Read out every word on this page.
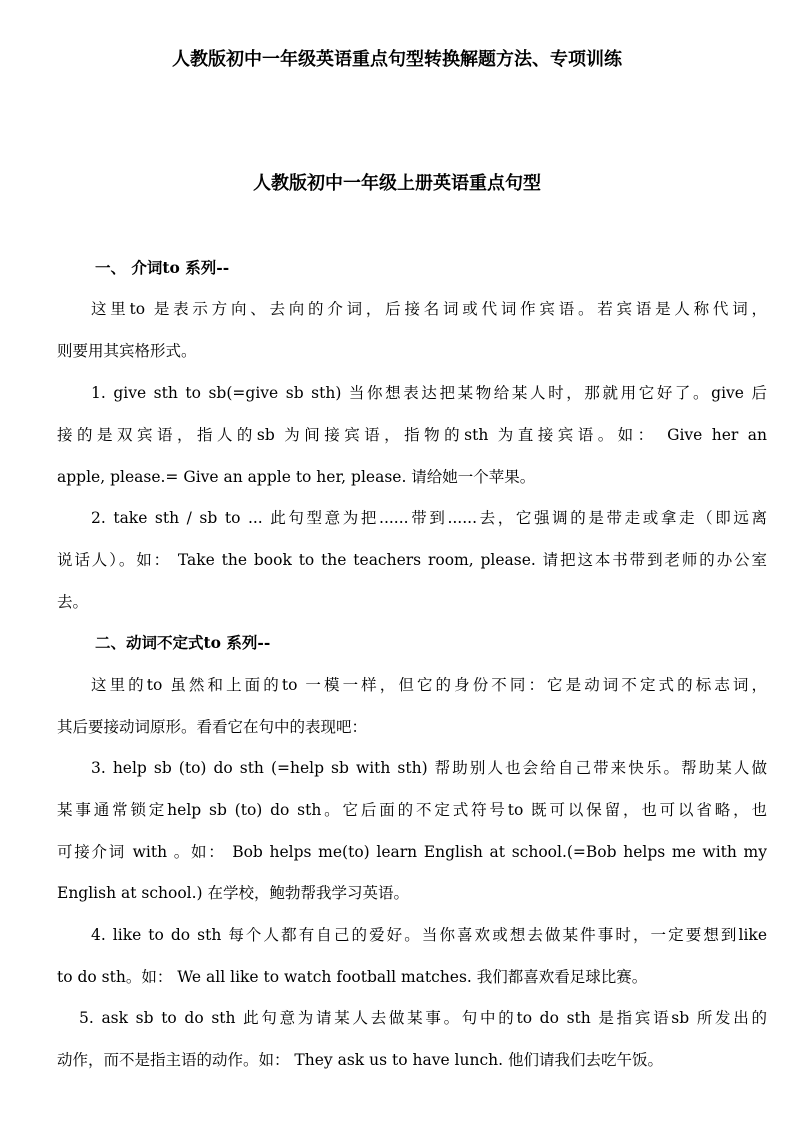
人教版初中一年级英语重点句型转换解题方法、专项训练
人教版初中一年级上册英语重点句型
一、 介词to 系列--
这里to 是表示方向、去向的介词，后接名词或代词作宾语。若宾语是人称代词，
则要用其宾格形式。
1. give sth to sb(=give sb sth) 当你想表达把某物给某人时，那就用它好了。give 后
接的是双宾语，指人的sb 为间接宾语，指物的sth 为直接宾语。如： Give her an
apple, please.= Give an apple to her, please. 请给她一个苹果。
2. take sth / sb to ... 此句型意为把......带到......去，它强调的是带走或拿走（即远离
说话人）。如： Take the book to the teachers room, please. 请把这本书带到老师的办公室
去。
二、动词不定式to 系列--
这里的to 虽然和上面的to 一模一样，但它的身份不同：它是动词不定式的标志词，
其后要接动词原形。看看它在句中的表现吧：
3. help sb (to) do sth (=help sb with sth) 帮助别人也会给自己带来快乐。帮助某人做
某事通常锁定help sb (to) do sth。它后面的不定式符号to 既可以保留，也可以省略，也
可接介词 with 。如： Bob helps me(to) learn English at school.(=Bob helps me with my
English at school.) 在学校，鲍勃帮我学习英语。
4. like to do sth 每个人都有自己的爱好。当你喜欢或想去做某件事时，一定要想到like
to do sth。如： We all like to watch football matches. 我们都喜欢看足球比赛。
5. ask sb to do sth 此句意为请某人去做某事。句中的to do sth 是指宾语sb 所发出的
动作，而不是指主语的动作。如： They ask us to have lunch. 他们请我们去吃午饭。
